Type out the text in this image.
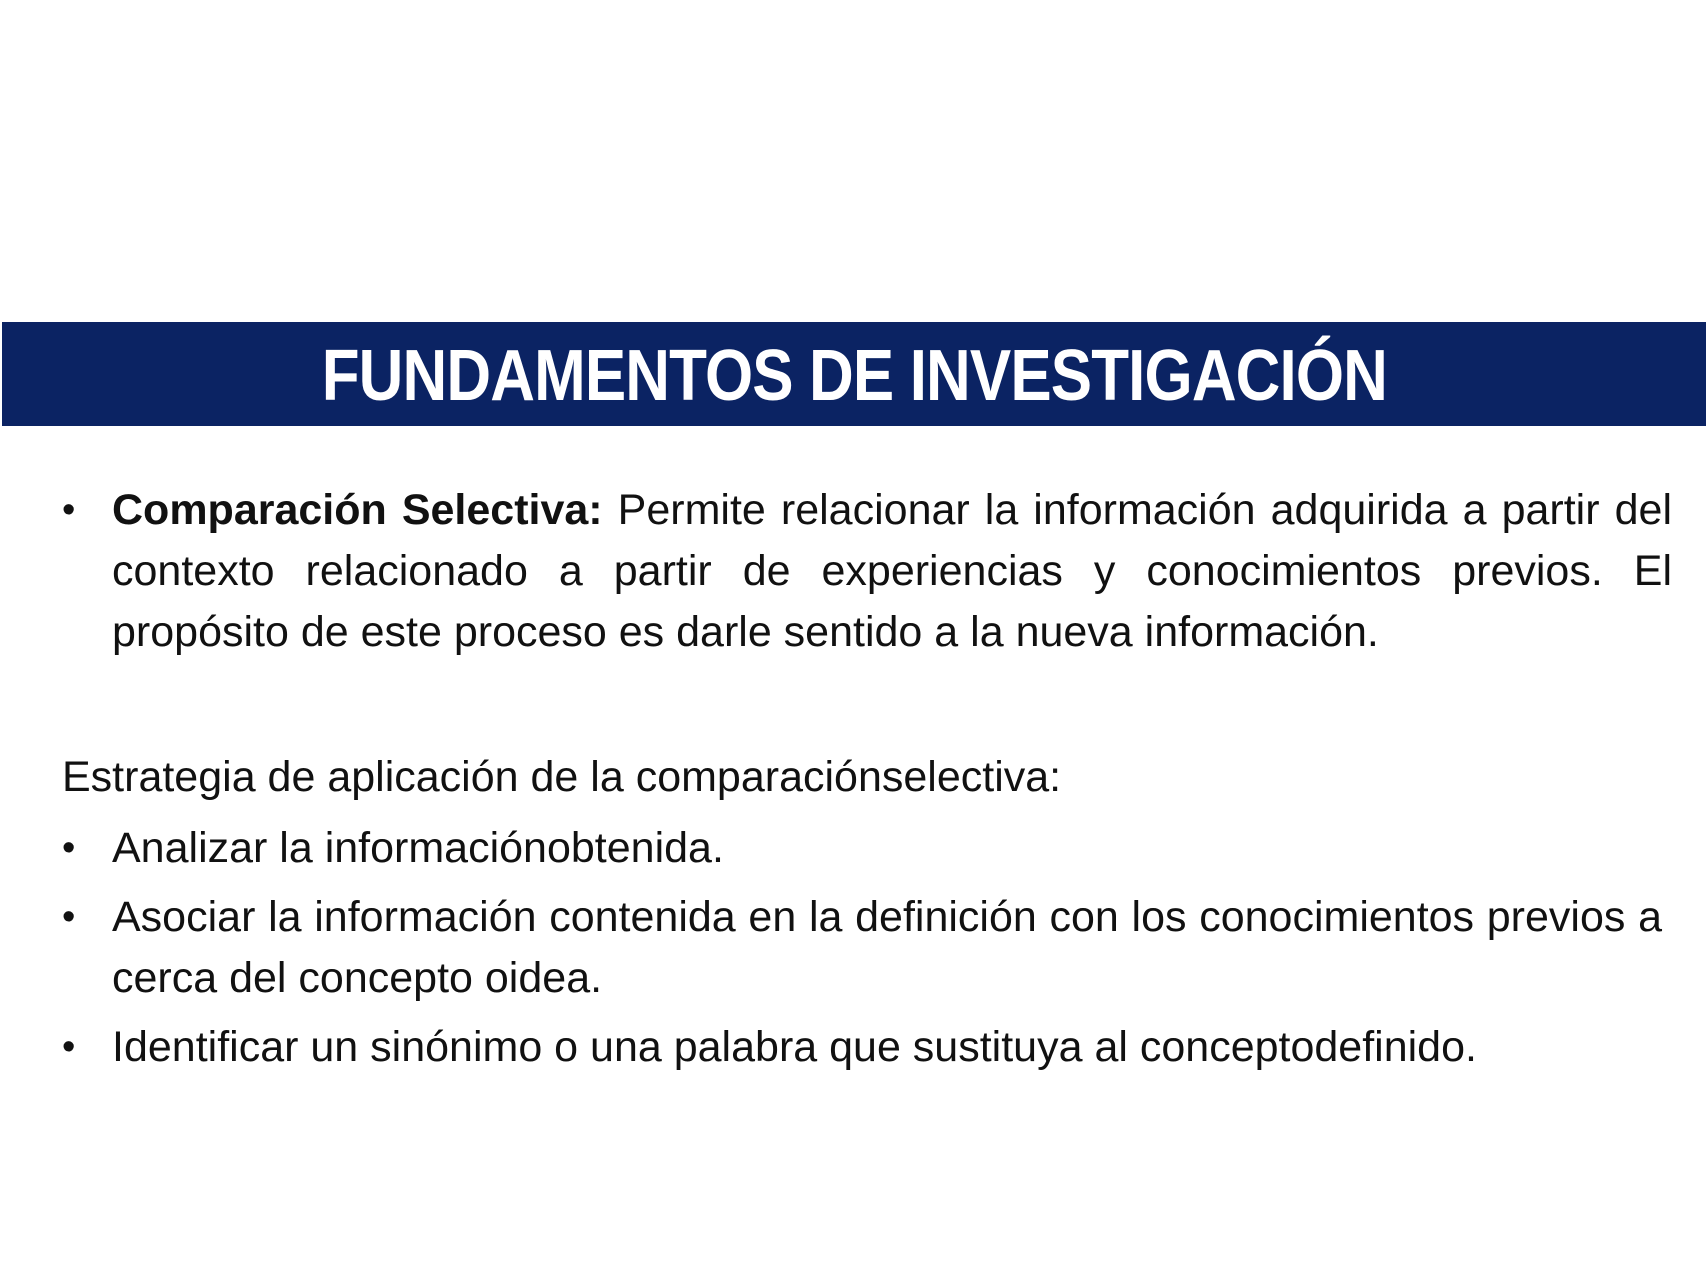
FUNDAMENTOS DE INVESTIGACIÓN
• Comparación Selectiva: Permite relacionar la información adquirida a partir del contexto relacionado a partir de experiencias y conocimientos previos. El propósito de este proceso es darle sentido a la nueva información.
Estrategia de aplicación de la comparaciónselectiva:
• Analizar la informaciónobtenida.
• Asociar la información contenida en la definición con los conocimientos previos a cerca del concepto oidea.
• Identificar un sinónimo o una palabra que sustituya al conceptodefinido.
